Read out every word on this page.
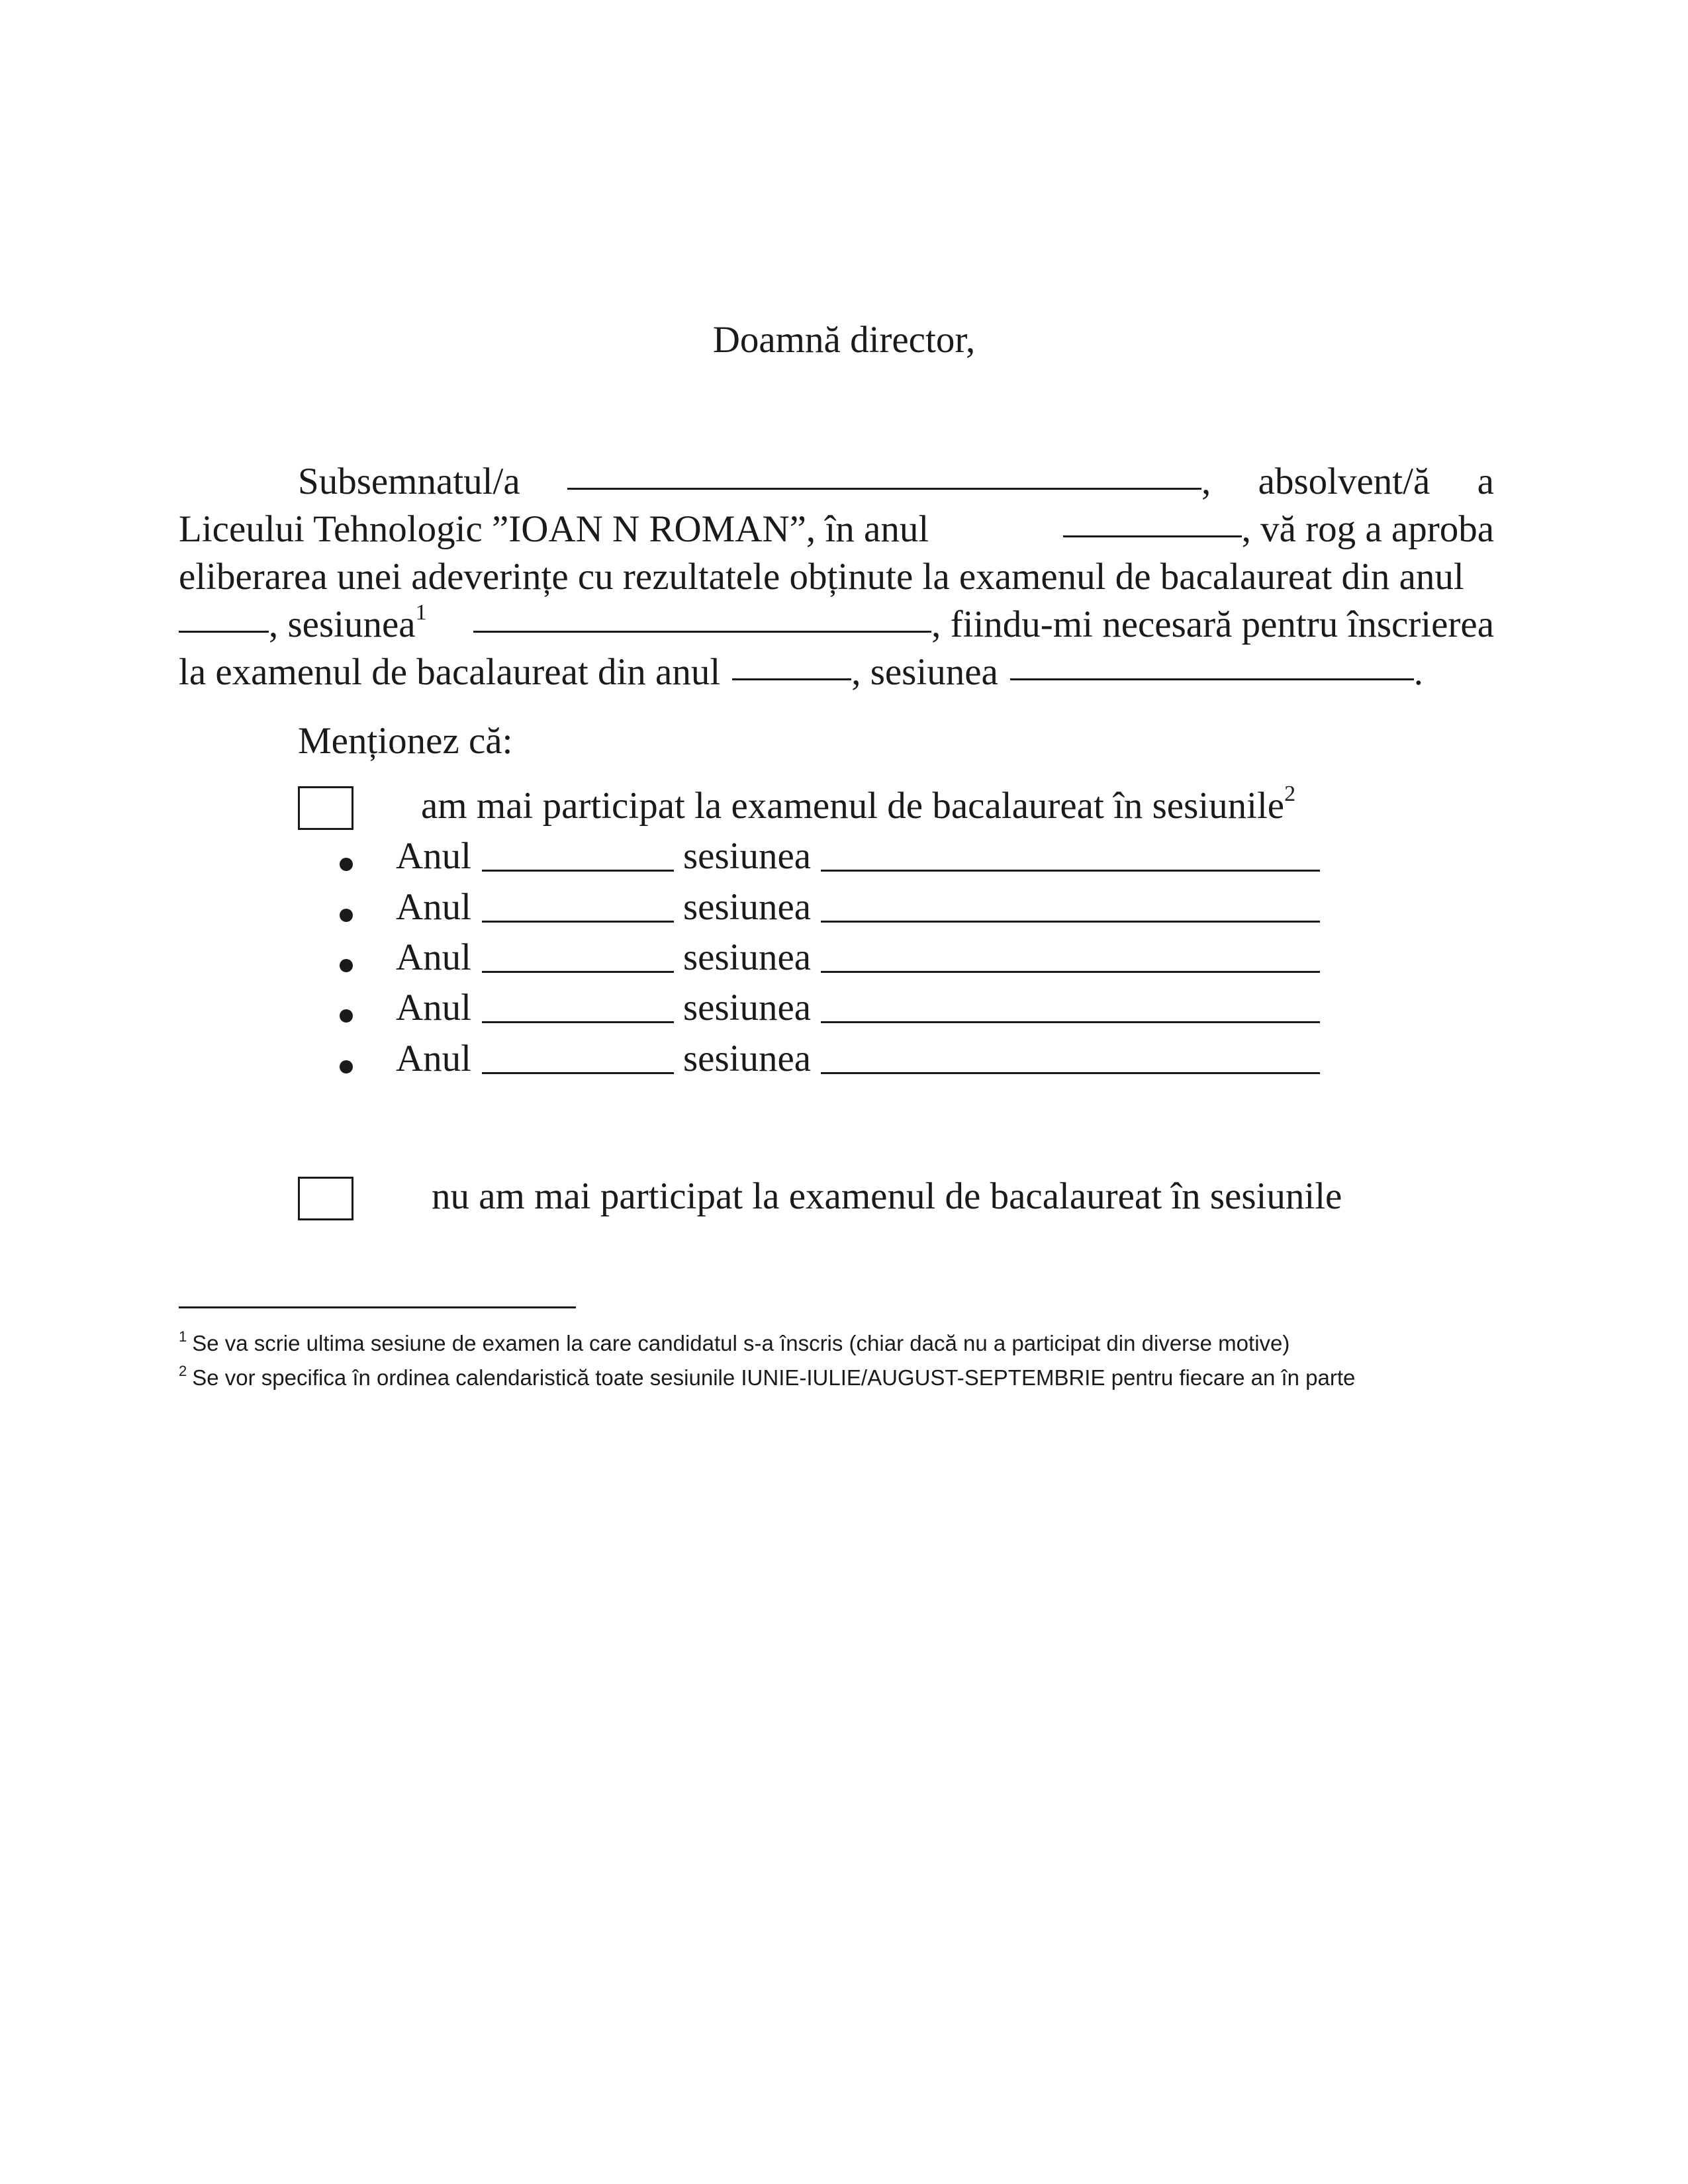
Doamnă director,
Subsemnatul/a	, absolvent/ă a
Liceului Tehnologic ”IOAN N ROMAN”, în anul	, vă rog a aproba
eliberarea unei adeverințe cu rezultatele obținute la examenul de bacalaureat din anul
, sesiunea$^1$	, fiindu-mi necesară pentru înscrierea
la examenul de bacalaureat din anul	, sesiunea	.
Menționez că:
am mai participat la examenul de bacalaureat în sesiunile$^2$
Anul	sesiunea
Anul	sesiunea
Anul	sesiunea
Anul	sesiunea
Anul	sesiunea
nu am mai participat la examenul de bacalaureat în sesiunile
$^1$ Se va scrie ultima sesiune de examen la care candidatul s-a înscris (chiar dacă nu a participat din diverse motive)
$^2$ Se vor specifica în ordinea calendaristică toate sesiunile IUNIE-IULIE/AUGUST-SEPTEMBRIE pentru fiecare an în parte
